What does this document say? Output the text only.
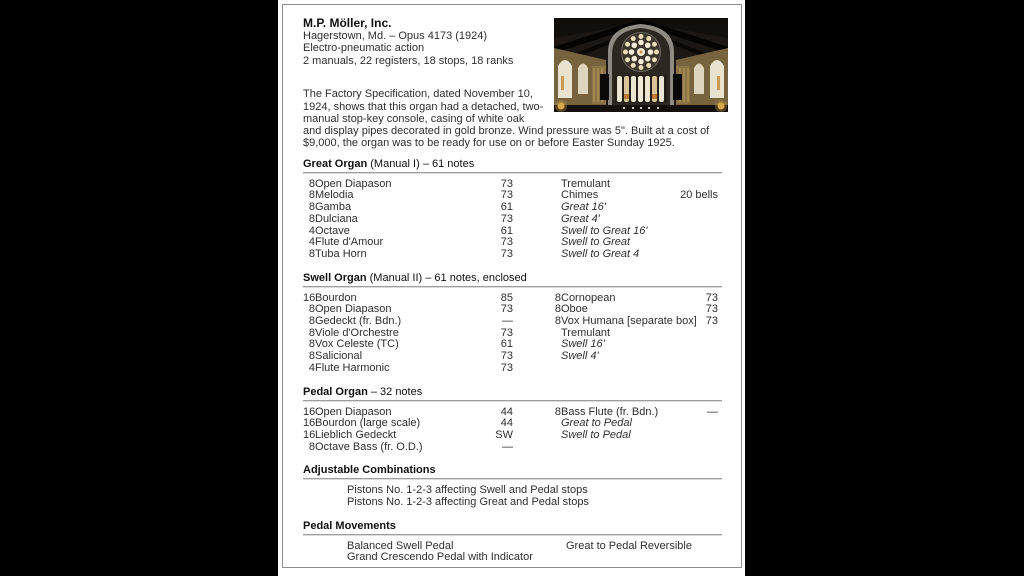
M.P. Möller, Inc.
Hagerstown, Md. – Opus 4173 (1924)
Electro-pneumatic action
2 manuals, 22 registers, 18 stops, 18 ranks

The Factory Specification, dated November 10, 1924, shows that this organ had a detached, two-manual stop-key console, casing of white oak and display pipes decorated in gold bronze. Wind pressure was 5". Built at a cost of $9,000, the organ was to be ready for use on or before Easter Sunday 1925.

Great Organ (Manual I) – 61 notes
8	Open Diapason	73		Tremulant	
8	Melodia	73		Chimes	20 bells
8	Gamba	61		Great 16'	
8	Dulciana	73		Great 4'	
4	Octave	61		Swell to Great 16'	
4	Flute d'Amour	73		Swell to Great	
8	Tuba Horn	73		Swell to Great 4	
Swell Organ (Manual II) – 61 notes, enclosed
16	Bourdon	85	8	Cornopean	73
8	Open Diapason	73	8	Oboe	73
8	Gedeckt (fr. Bdn.)	—	8	Vox Humana [separate box]	73
8	Viole d'Orchestre	73		Tremulant	
8	Vox Celeste (TC)	61		Swell 16'	
8	Salicional	73		Swell 4'	
4	Flute Harmonic	73			
Pedal Organ – 32 notes
16	Open Diapason	44	8	Bass Flute (fr. Bdn.)	—
16	Bourdon (large scale)	44		Great to Pedal	
16	Lieblich Gedeckt	SW		Swell to Pedal	
8	Octave Bass (fr. O.D.)	—			
Adjustable Combinations
Pistons No. 1-2-3 affecting Swell and Pedal stops
Pistons No. 1-2-3 affecting Great and Pedal stops
Pedal Movements
Balanced Swell Pedal	Great to Pedal Reversible
Grand Crescendo Pedal with Indicator
